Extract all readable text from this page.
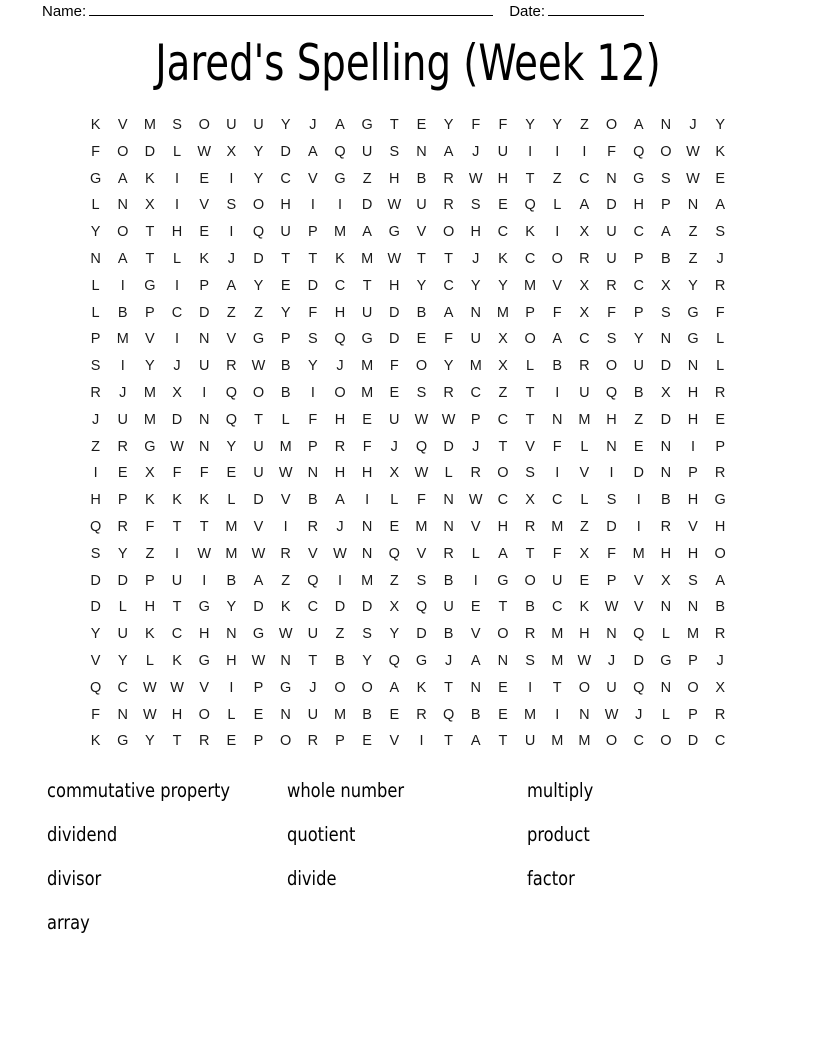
Name:	Date:
Jared's Spelling (Week 12)
K	V	M	S	O	U	U	Y	J	A	G	T	E	Y	F	F	Y	Y	Z	O	A	N	J	Y
F	O	D	L	W	X	Y	D	A	Q	U	S	N	A	J	U	I	I	I	F	Q	O	W	K
G	A	K	I	E	I	Y	C	V	G	Z	H	B	R	W	H	T	Z	C	N	G	S	W	E
L	N	X	I	V	S	O	H	I	I	D	W	U	R	S	E	Q	L	A	D	H	P	N	A
Y	O	T	H	E	I	Q	U	P	M	A	G	V	O	H	C	K	I	X	U	C	A	Z	S
N	A	T	L	K	J	D	T	T	K	M W	T	T	J	K	C	O	R	U	P	B	Z	J
L	I	G	I	P	A	Y	E	D	C	T	H	Y	C	Y	Y	M	V	X	R	C	X	Y	R
L	B	P	C	D	Z	Z	Y	F	H	U	D	B	A	N	M	P	F	X	F	P	S	G	F
P	M	V	I	N	V	G	P	S	Q	G	D	E	F	U	X	O	A	C	S	Y	N	G	L
S	I	Y	J	U	R	W	B	Y	J	M	F	O	Y	M	X	L	B	R	O	U	D	N	L
R	J	M	X	I	Q	O	B	I	O	M	E	S	R	C	Z	T	I	U	Q	B	X	H	R
J	U	M	D	N	Q	T	L	F	H	E	U	W W	P	C	T	N	M	H	Z	D	H	E
Z	R	G	W	N	Y	U	M	P	R	F	J	Q	D	J	T	V	F	L	N	E	N	I	P
I	E	X	F	F	E	U	W	N	H	H	X	W	L	R	O	S	I	V	I	D	N	P	R
H	P	K	K	K	L	D	V	B	A	I	L	F	N	W	C	X	C	L	S	I	B	H	G
Q	R	F	T	T	M	V	I	R	J	N	E	M	N	V	H	R	M	Z	D	I	R	V	H
S	Y	Z	I	W M W	R	V	W	N	Q	V	R	L	A	T	F	X	F	M	H	H	O
D	D	P	U	I	B	A	Z	Q	I	M	Z	S	B	I	G	O	U	E	P	V	X	S	A
D	L	H	T	G	Y	D	K	C	D	D	X	Q	U	E	T	B	C	K	W	V	N	N	B
Y	U	K	C	H	N	G	W	U	Z	S	Y	D	B	V	O	R	M	H	N	Q	L	M	R
V	Y	L	K	G	H	W	N	T	B	Y	Q	G	J	A	N	S	M W	J	D	G	P	J
Q	C	W W	V	I	P	G	J	O	O	A	K	T	N	E	I	T	O	U	Q	N	O	X
F	N	W	H	O	L	E	N	U	M	B	E	R	Q	B	E	M	I	N	W	J	L	P	R
K	G	Y	T	R	E	P	O	R	P	E	V	I	T	A	T	U	M	M	O	C	O	D	C
commutative property	whole number	multiply
dividend	quotient	product
divisor	divide	factor
array
